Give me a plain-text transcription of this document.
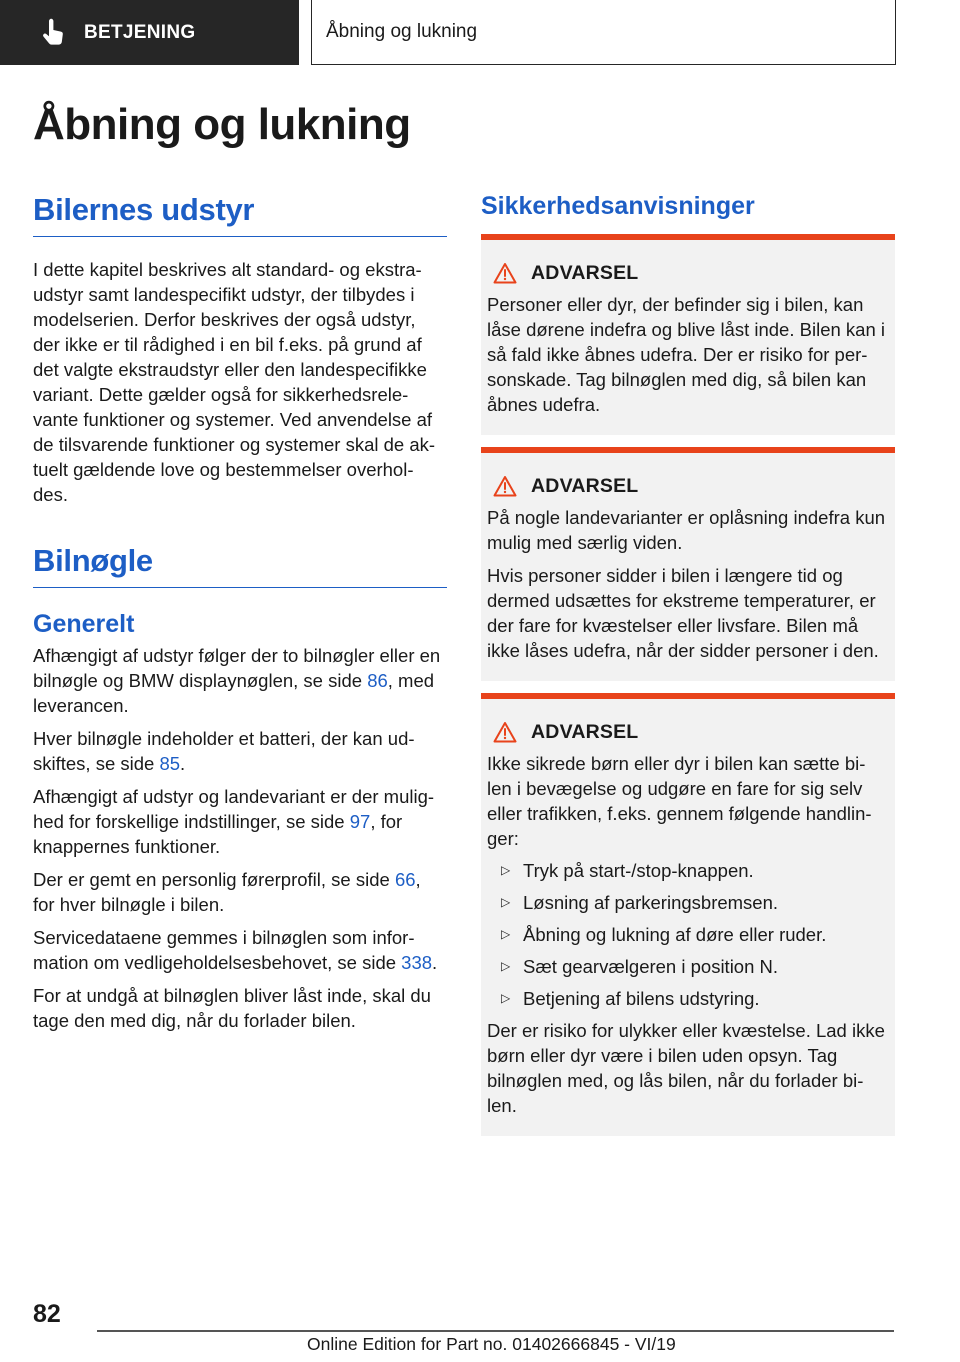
BETJENING	Åbning og lukning
Åbning og lukning
Bilernes udstyr

I dette kapitel beskrives alt standard- og ekstra-udstyr samt landespecifikt udstyr, der tilbydes i modelserien. Derfor beskrives der også udstyr, der ikke er til rådighed i en bil f.eks. på grund af det valgte ekstraudstyr eller den landespecifikke variant. Dette gælder også for sikkerhedsrele-vante funktioner og systemer. Ved anvendelse af de tilsvarende funktioner og systemer skal de ak-tuelt gældende love og bestemmelser overhol-des.

Bilnøgle
Generelt

Afhængigt af udstyr følger der to bilnøgler eller en bilnøgle og BMW displaynøglen, se side 86, med leverancen.

Hver bilnøgle indeholder et batteri, der kan ud-skiftes, se side 85.

Afhængigt af udstyr og landevariant er der mulig-hed for forskellige indstillinger, se side 97, for knappernes funktioner.

Der er gemt en personlig førerprofil, se side 66, for hver bilnøgle i bilen.

Servicedataene gemmes i bilnøglen som infor-mation om vedligeholdelsesbehovet, se side 338.

For at undgå at bilnøglen bliver låst inde, skal du tage den med dig, når du forlader bilen.

Sikkerhedsanvisninger
ADVARSEL

Personer eller dyr, der befinder sig i bilen, kan låse dørene indefra og blive låst inde. Bilen kan i så fald ikke åbnes udefra. Der er risiko for per-sonskade. Tag bilnøglen med dig, så bilen kan åbnes udefra.

ADVARSEL

På nogle landevarianter er oplåsning indefra kun mulig med særlig viden.

Hvis personer sidder i bilen i længere tid og dermed udsættes for ekstreme temperaturer, er der fare for kvæstelser eller livsfare. Bilen må ikke låses udefra, når der sidder personer i den.

ADVARSEL

Ikke sikrede børn eller dyr i bilen kan sætte bi-len i bevægelse og udgøre en fare for sig selv eller trafikken, f.eks. gennem følgende handlin-ger:

▷ Tryk på start-/stop-knappen.
▷ Løsning af parkeringsbremsen.
▷ Åbning og lukning af døre eller ruder.
▷ Sæt gearvælgeren i position N.
▷ Betjening af bilens udstyring.

Der er risiko for ulykker eller kvæstelse. Lad ikke børn eller dyr være i bilen uden opsyn. Tag bilnøglen med, og lås bilen, når du forlader bi-len.

82
Online Edition for Part no. 01402666845 - VI/19
